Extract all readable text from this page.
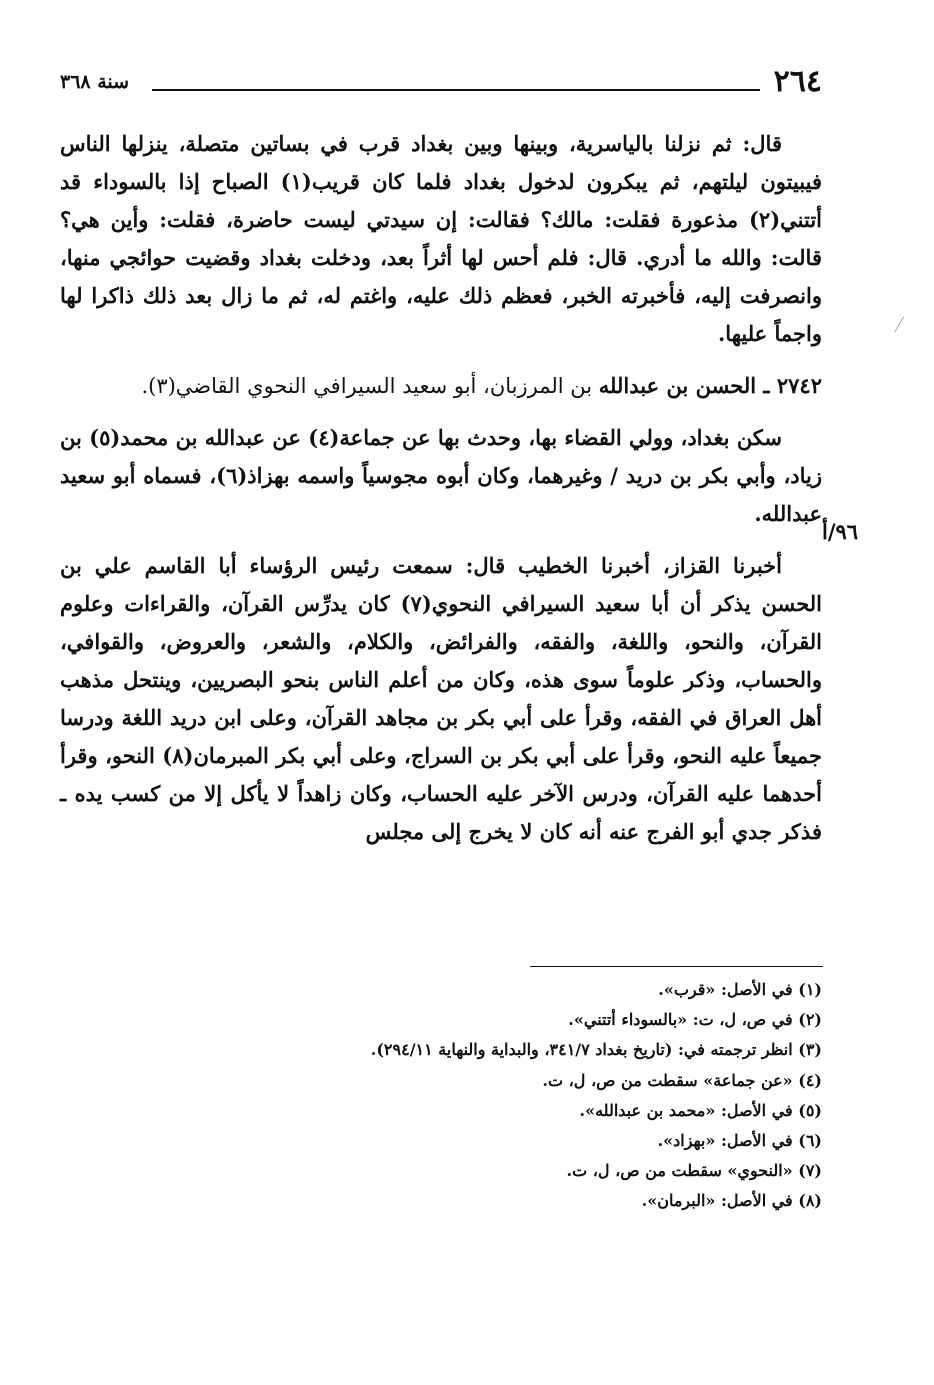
٢٦٤
سنة ٣٦٨

قال: ثم نزلنا بالياسرية، وبينها وبين بغداد قرب في بساتين متصلة، ينزلها الناس فيبيتون ليلتهم، ثم يبكرون لدخول بغداد فلما كان قريب(١) الصباح إذا بالسوداء قد أتتني(٢) مذعورة فقلت: مالك؟ فقالت: إن سيدتي ليست حاضرة، فقلت: وأين هي؟ قالت: والله ما أدري. قال: فلم أحس لها أثراً بعد، ودخلت بغداد وقضيت حوائجي منها، وانصرفت إليه، فأخبرته الخبر، فعظم ذلك عليه، واغتم له، ثم ما زال بعد ذلك ذاكرا لها واجماً عليها.

٢٧٤٢ ـ الحسن بن عبدالله بن المرزبان، أبو سعيد السيرافي النحوي القاضي(٣).

سكن بغداد، وولي القضاء بها، وحدث بها عن جماعة(٤) عن عبدالله بن محمد(٥) بن زياد، وأبي بكر بن دريد / وغيرهما، وكان أبوه مجوسياً واسمه بهزاذ(٦)، فسماه أبو سعيد عبدالله.

أخبرنا القزاز، أخبرنا الخطيب قال: سمعت رئيس الرؤساء أبا القاسم علي بن الحسن يذكر أن أبا سعيد السيرافي النحوي(٧) كان يدرِّس القرآن، والقراءات وعلوم القرآن، والنحو، واللغة، والفقه، والفرائض، والكلام، والشعر، والعروض، والقوافي، والحساب، وذكر علوماً سوى هذه، وكان من أعلم الناس بنحو البصريين، وينتحل مذهب أهل العراق في الفقه، وقرأ على أبي بكر بن مجاهد القرآن، وعلى ابن دريد اللغة ودرسا جميعاً عليه النحو، وقرأ على أبي بكر بن السراج، وعلى أبي بكر المبرمان(٨) النحو، وقرأ أحدهما عليه القرآن، ودرس الآخر عليه الحساب، وكان زاهداً لا يأكل إلا من كسب يده ـ فذكر جدي أبو الفرج عنه أنه كان لا يخرج إلى مجلس

٩٦/أ

(١) في الأصل: «قرب».

(٢) في ص، ل، ت: «بالسوداء أتتني».

(٣) انظر ترجمته في: (تاريخ بغداد ٣٤١/٧، والبداية والنهاية ٢٩٤/١١).

(٤) «عن جماعة» سقطت من ص، ل، ت.

(٥) في الأصل: «محمد بن عبدالله».

(٦) في الأصل: «بهزاد».

(٧) «النحوي» سقطت من ص، ل، ت.

(٨) في الأصل: «البرمان».
